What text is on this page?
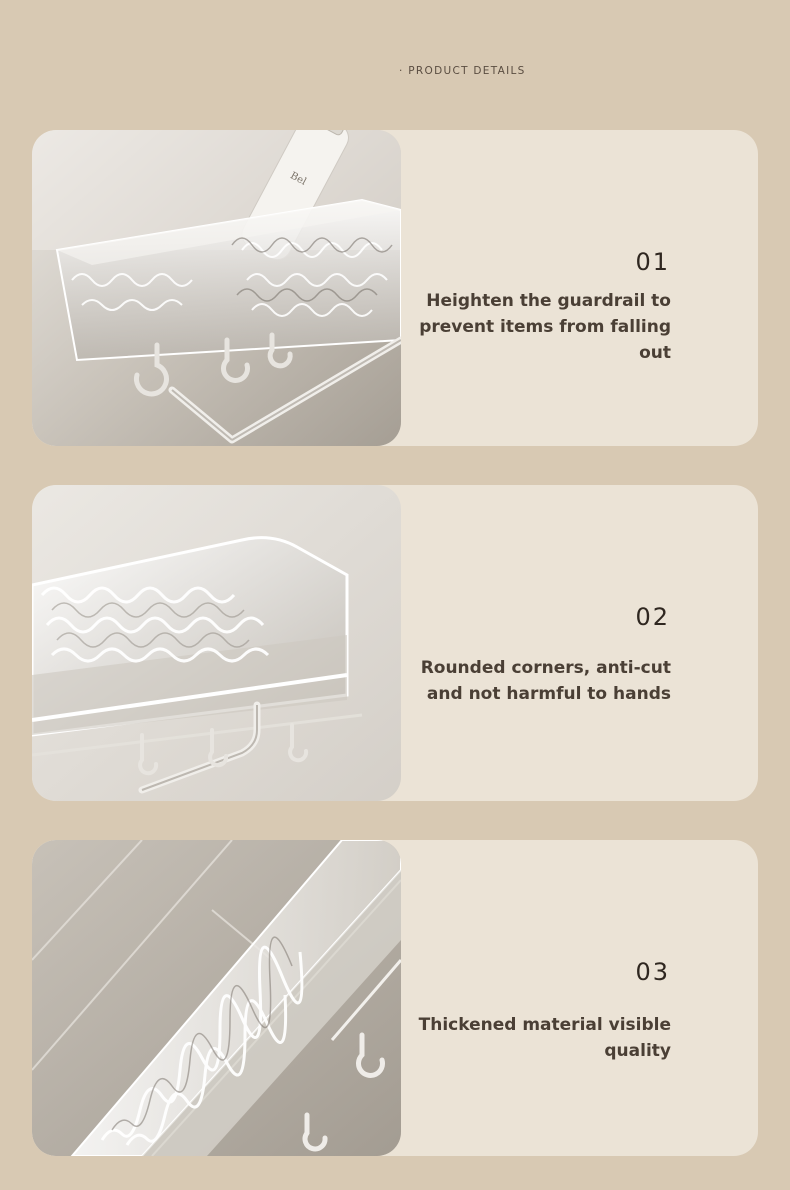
· PRODUCT DETAILS
Bel
01
Heighten the guardrail to prevent items from falling out
02
Rounded corners, anti-cut and not harmful to hands
03
Thickened material visible quality
